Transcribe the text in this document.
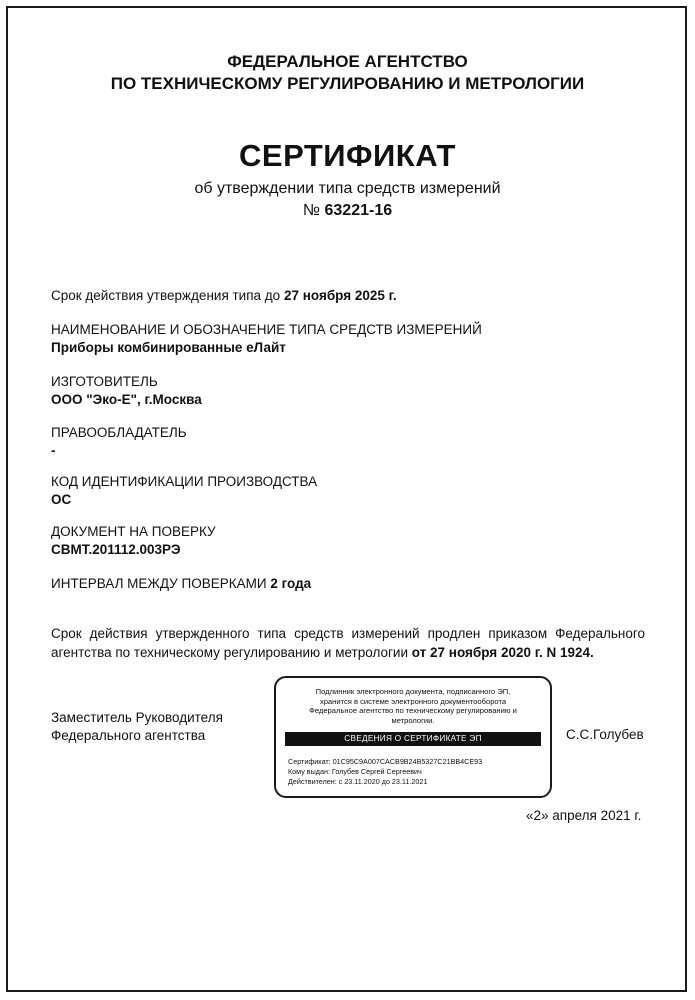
ФЕДЕРАЛЬНОЕ АГЕНТСТВО
ПО ТЕХНИЧЕСКОМУ РЕГУЛИРОВАНИЮ И МЕТРОЛОГИИ
СЕРТИФИКАТ
об утверждении типа средств измерений
№ 63221-16
Срок действия утверждения типа до 27 ноября 2025 г.
НАИМЕНОВАНИЕ И ОБОЗНАЧЕНИЕ ТИПА СРЕДСТВ ИЗМЕРЕНИЙ
Приборы комбинированные еЛайт
ИЗГОТОВИТЕЛЬ
ООО "Эко-Е", г.Москва
ПРАВООБЛАДАТЕЛЬ
-
КОД ИДЕНТИФИКАЦИИ ПРОИЗВОДСТВА
ОС
ДОКУМЕНТ НА ПОВЕРКУ
СВМТ.201112.003РЭ
ИНТЕРВАЛ МЕЖДУ ПОВЕРКАМИ 2 года
Срок действия утвержденного типа средств измерений продлен приказом Федерального агентства по техническому регулированию и метрологии от 27 ноября 2020 г. N 1924.
Заместитель Руководителя
Федерального агентства
Подлинник электронного документа, подписанного ЭП,
хранится в системе электронного документооборота
Федеральное агентство по техническому регулированию и
метрологии.
СВЕДЕНИЯ О СЕРТИФИКАТЕ ЭП
Сертификат: 01C95C9A007CACB9B24B5327C21BB4CE93
Кому выдан: Голубев Сергей Сергеевич
Действителен: с 23.11.2020 до 23.11.2021
С.С.Голубев
«2» апреля 2021 г.
